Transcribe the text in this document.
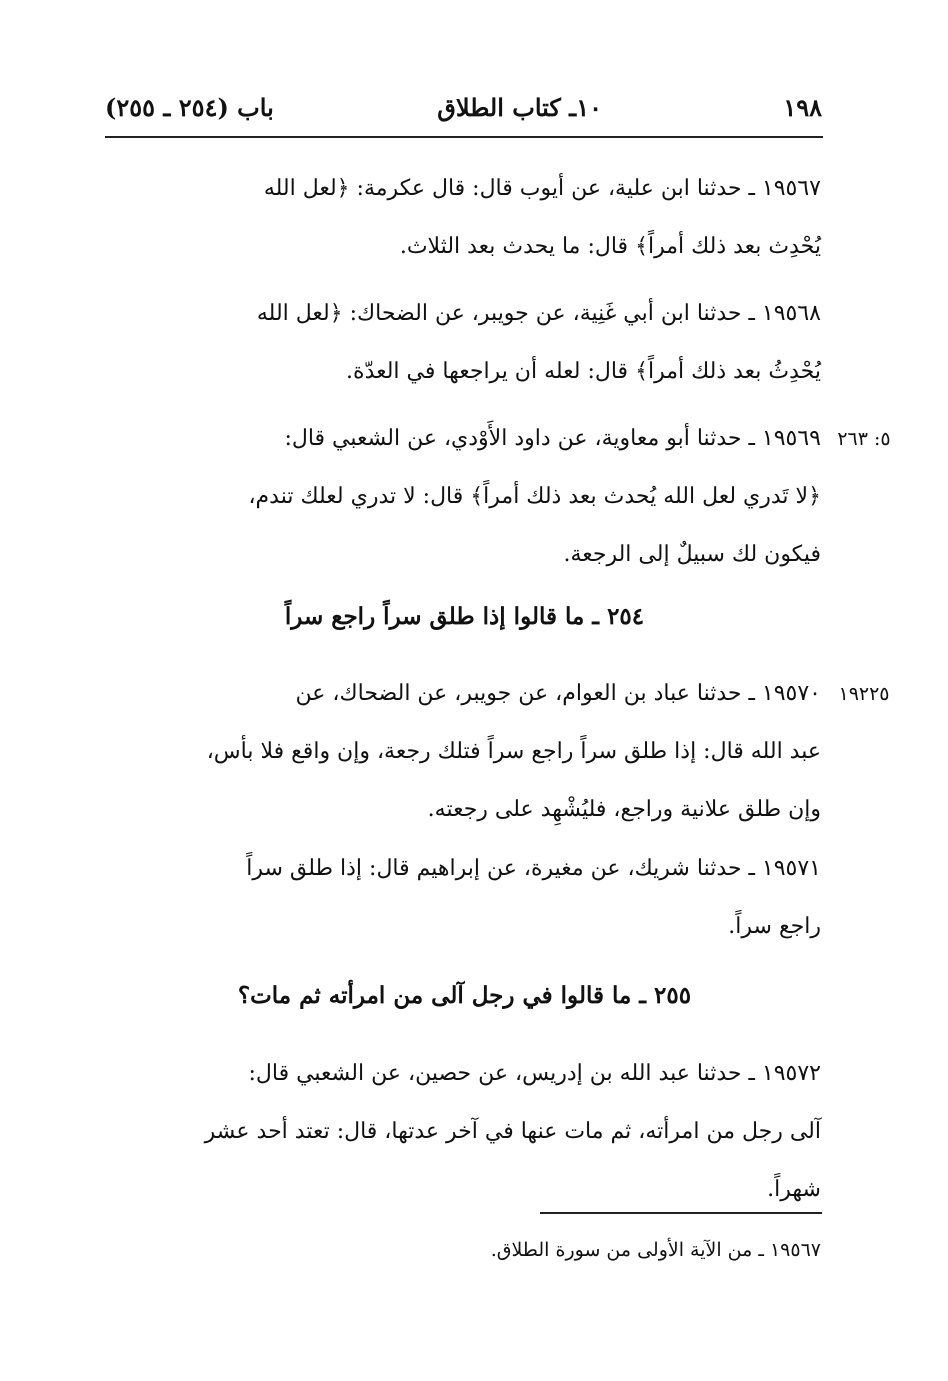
١٩٨
١٠ـ كتاب الطلاق
باب (٢٥٤ ـ ٢٥٥)
١٩٥٦٧ ـ حدثنا ابن علية، عن أيوب قال: قال عكرمة: ﴿لعل الله
يُحْدِث بعد ذلك أمراً﴾ قال: ما يحدث بعد الثلاث.
١٩٥٦٨ ـ حدثنا ابن أبي غَنِية، عن جويبر، عن الضحاك: ﴿لعل الله
يُحْدِثُ بعد ذلك أمراً﴾ قال: لعله أن يراجعها في العدّة.
٥: ٢٦٣
١٩٥٦٩ ـ حدثنا أبو معاوية، عن داود الأَوْدي، عن الشعبي قال:
﴿لا تَدري لعل الله يُحدث بعد ذلك أمراً﴾ قال: لا تدري لعلك تندم،
فيكون لك سبيلٌ إلى الرجعة.
٢٥٤ ـ ما قالوا إذا طلق سراً راجع سراً
١٩٢٢٥
١٩٥٧٠ ـ حدثنا عباد بن العوام، عن جويبر، عن الضحاك، عن
عبد الله قال: إذا طلق سراً راجع سراً فتلك رجعة، وإن واقع فلا بأس،
وإن طلق علانية وراجع، فليُشْهِد على رجعته.
١٩٥٧١ ـ حدثنا شريك، عن مغيرة، عن إبراهيم قال: إذا طلق سراً
راجع سراً.
٢٥٥ ـ ما قالوا في رجل آلى من امرأته ثم مات؟
١٩٥٧٢ ـ حدثنا عبد الله بن إدريس، عن حصين، عن الشعبي قال:
آلى رجل من امرأته، ثم مات عنها في آخر عدتها، قال: تعتد أحد عشر
شهراً.
١٩٥٦٧ ـ من الآية الأولى من سورة الطلاق.
